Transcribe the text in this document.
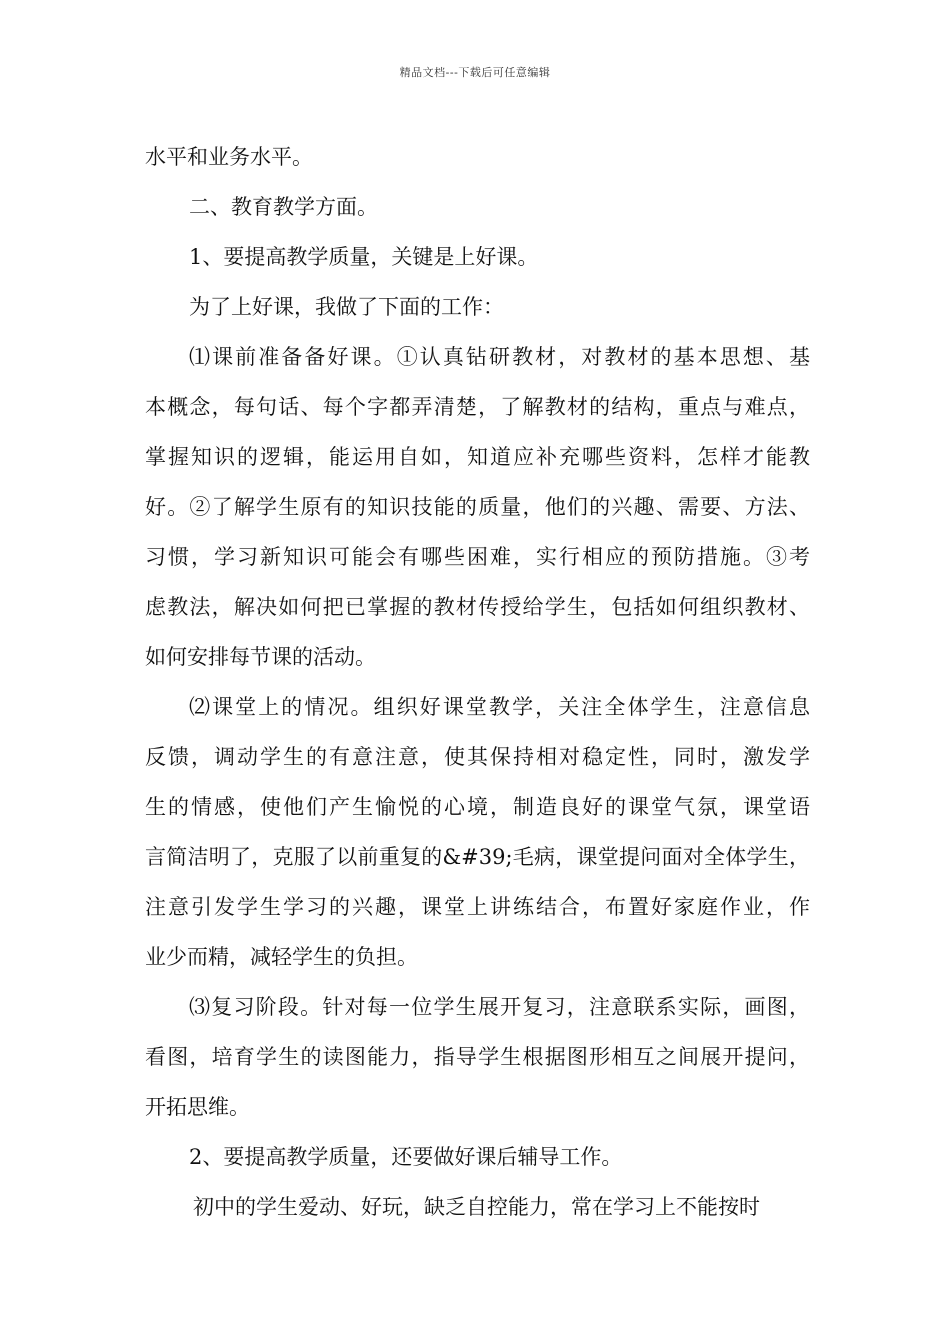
精品文档---下载后可任意编辑
水平和业务水平。
二、教育教学方面。
1、要提高教学质量，关键是上好课。
为了上好课，我做了下面的工作：
⑴课前准备备好课。①认真钻研教材，对教材的基本思想、基
本概念，每句话、每个字都弄清楚，了解教材的结构，重点与难点，
掌握知识的逻辑，能运用自如，知道应补充哪些资料，怎样才能教
好。②了解学生原有的知识技能的质量，他们的兴趣、需要、方法、
习惯，学习新知识可能会有哪些困难，实行相应的预防措施。③考
虑教法，解决如何把已掌握的教材传授给学生，包括如何组织教材、
如何安排每节课的活动。
⑵课堂上的情况。组织好课堂教学，关注全体学生，注意信息
反馈，调动学生的有意注意，使其保持相对稳定性，同时，激发学
生的情感，使他们产生愉悦的心境，制造良好的课堂气氛，课堂语
言简洁明了，克服了以前重复的&#39;毛病，课堂提问面对全体学生，
注意引发学生学习的兴趣，课堂上讲练结合，布置好家庭作业，作
业少而精，减轻学生的负担。
⑶复习阶段。针对每一位学生展开复习，注意联系实际，画图，
看图，培育学生的读图能力，指导学生根据图形相互之间展开提问，
开拓思维。
2、要提高教学质量，还要做好课后辅导工作。
初中的学生爱动、好玩，缺乏自控能力，常在学习上不能按时
